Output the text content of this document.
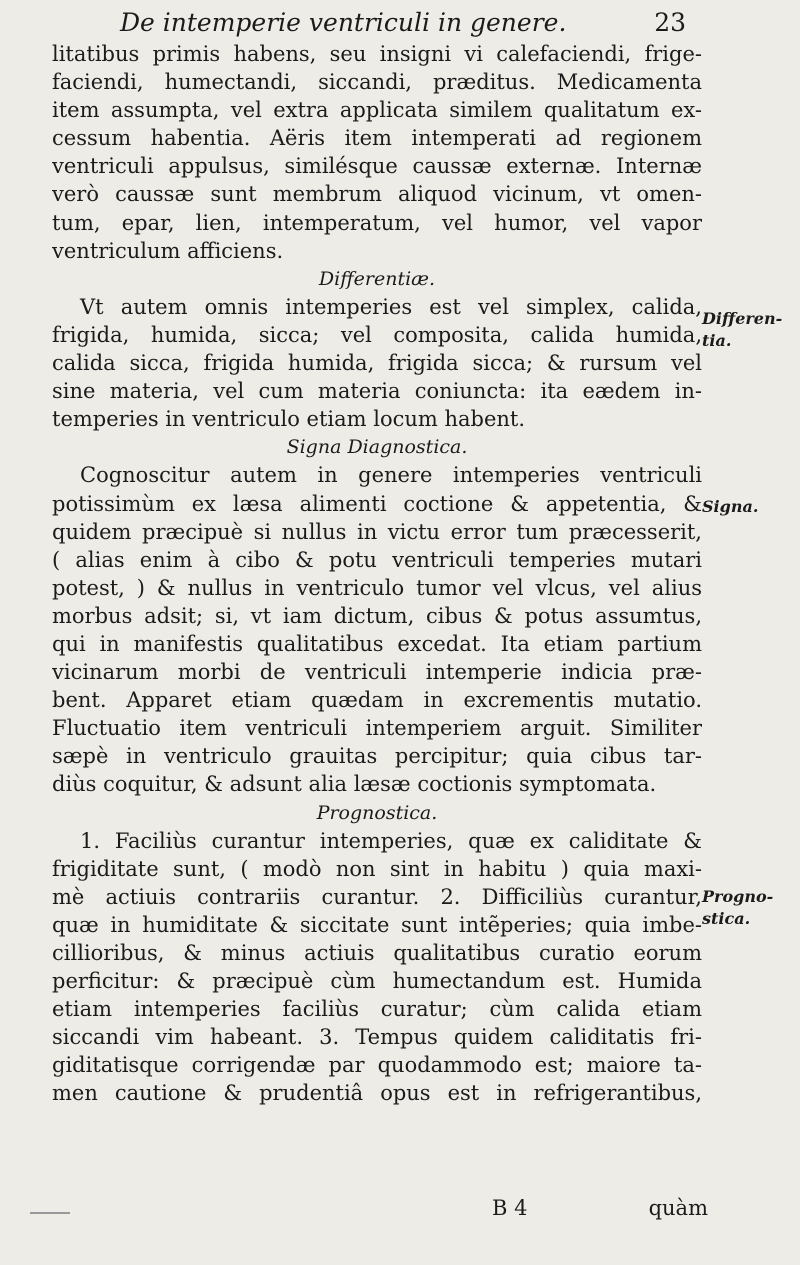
De intemperie ventriculi in genere.	23
litatibus primis habens, seu insigni vi calefaciendi, frige-
faciendi, humectandi, siccandi, præditus. Medicamenta
item assumpta, vel extra applicata similem qualitatum ex-
cessum habentia. Aëris item intemperati ad regionem
ventriculi appulsus, similésque caussæ externæ. Internæ
verò caussæ sunt membrum aliquod vicinum, vt omen-
tum, epar, lien, intemperatum, vel humor, vel vapor
ventriculum afficiens.
Differentiæ.
Vt autem omnis intemperies est vel simplex, calida,
frigida, humida, sicca; vel composita, calida humida,
calida sicca, frigida humida, frigida sicca; & rursum vel
sine materia, vel cum materia coniuncta: ita eædem in-
temperies in ventriculo etiam locum habent.
Signa Diagnostica.
Cognoscitur autem in genere intemperies ventriculi
potissimùm ex læsa alimenti coctione & appetentia, &
quidem præcipuè si nullus in victu error tum præcesserit,
( alias enim à cibo & potu ventriculi temperies mutari
potest, ) & nullus in ventriculo tumor vel vlcus, vel alius
morbus adsit; si, vt iam dictum, cibus & potus assumtus,
qui in manifestis qualitatibus excedat. Ita etiam partium
vicinarum morbi de ventriculi intemperie indicia præ-
bent. Apparet etiam quædam in excrementis mutatio.
Fluctuatio item ventriculi intemperiem arguit. Similiter
sæpè in ventriculo grauitas percipitur; quia cibus tar-
diùs coquitur, & adsunt alia læsæ coctionis symptomata.
Prognostica.
1. Faciliùs curantur intemperies, quæ ex caliditate &
frigiditate sunt, ( modò non sint in habitu ) quia maxi-
mè actiuis contrariis curantur. 2. Difficiliùs curantur,
quæ in humiditate & siccitate sunt intẽperies; quia imbe-
cillioribus, & minus actiuis qualitatibus curatio eorum
perficitur: & præcipuè cùm humectandum est. Humida
etiam intemperies faciliùs curatur; cùm calida etiam
siccandi vim habeant. 3. Tempus quidem caliditatis fri-
giditatisque corrigendæ par quodammodo est; maiore ta-
men cautione & prudentiâ opus est in refrigerantibus,
Differen-
tia.
Signa.
Progno-
stica.
B 4	quàm
